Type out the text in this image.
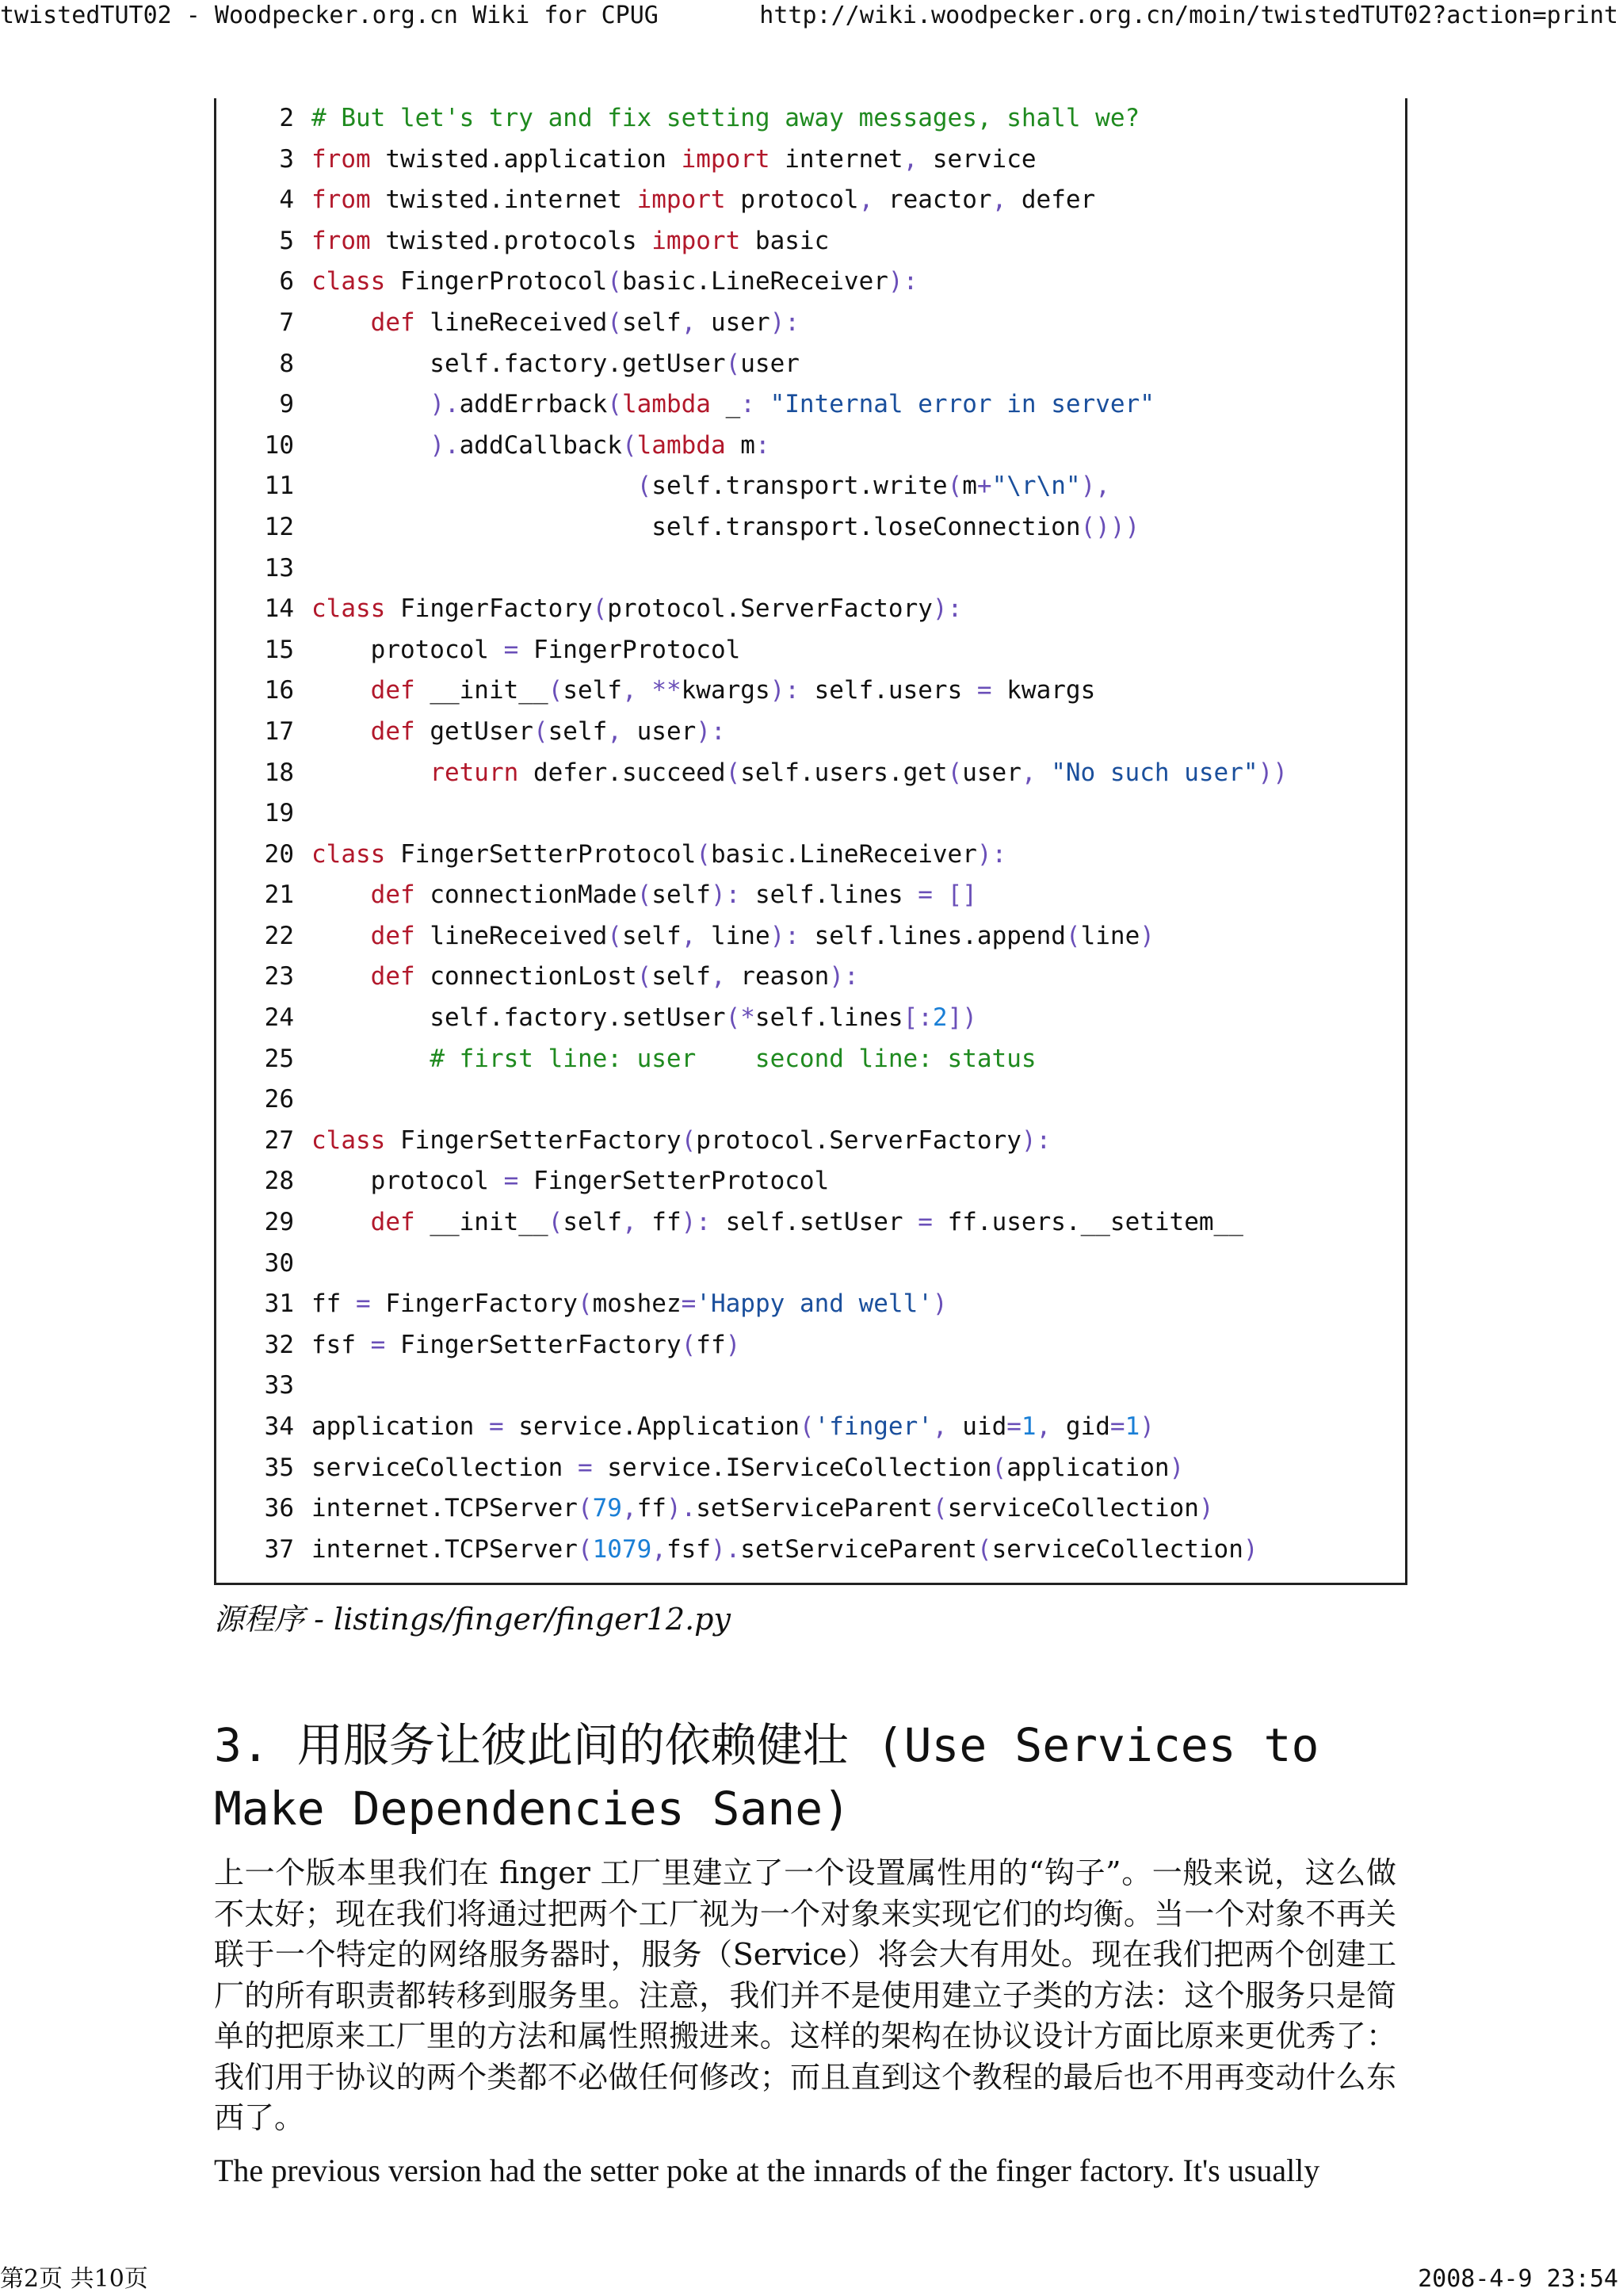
twistedTUT02 - Woodpecker.org.cn Wiki for CPUG	http://wiki.woodpecker.org.cn/moin/twistedTUT02?action=print
2 # But let's try and fix setting away messages, shall we?
3 from twisted.application import internet, service
4 from twisted.internet import protocol, reactor, defer
5 from twisted.protocols import basic
6 class FingerProtocol(basic.LineReceiver):
7	def lineReceived(self, user):
8        self.factory.getUser(user
9	).addErrback(lambda _: "Internal error in server"
10	).addCallback(lambda m:
11	(self.transport.write(m+"\r\n"),
12                       self.transport.loseConnection()))
13
14 class FingerFactory(protocol.ServerFactory):
15    protocol = FingerProtocol
16	def __init__(self, **kwargs): self.users = kwargs
17	def getUser(self, user):
18	return defer.succeed(self.users.get(user, "No such user"))
19
20 class FingerSetterProtocol(basic.LineReceiver):
21	def connectionMade(self): self.lines = []
22	def lineReceived(self, line): self.lines.append(line)
23	def connectionLost(self, reason):
24        self.factory.setUser(*self.lines[:2])
25	# first line: user    second line: status
26
27 class FingerSetterFactory(protocol.ServerFactory):
28    protocol = FingerSetterProtocol
29	def __init__(self, ff): self.setUser = ff.users.__setitem__
30
31 ff = FingerFactory(moshez='Happy and well')
32 fsf = FingerSetterFactory(ff)
33
34 application = service.Application('finger', uid=1, gid=1)
35 serviceCollection = service.IServiceCollection(application)
36 internet.TCPServer(79,ff).setServiceParent(serviceCollection)
37 internet.TCPServer(1079,fsf).setServiceParent(serviceCollection)
源程序 - listings/finger/finger12.py
3. 用服务让彼此间的依赖健壮 (Use Services to Make Dependencies Sane)

上一个版本里我们在 finger 工厂里建立了一个设置属性用的“钩子”。一般来说，这么做不太好；现在我们将通过把两个工厂视为一个对象来实现它们的均衡。当一个对象不再关联于一个特定的网络服务器时，服务（Service）将会大有用处。现在我们把两个创建工厂的所有职责都转移到服务里。注意，我们并不是使用建立子类的方法：这个服务只是简单的把原来工厂里的方法和属性照搬进来。这样的架构在协议设计方面比原来更优秀了：我们用于协议的两个类都不必做任何修改；而且直到这个教程的最后也不用再变动什么东西了。

The previous version had the setter poke at the innards of the finger factory. It's usually

第2页 共10页	2008-4-9 23:54
